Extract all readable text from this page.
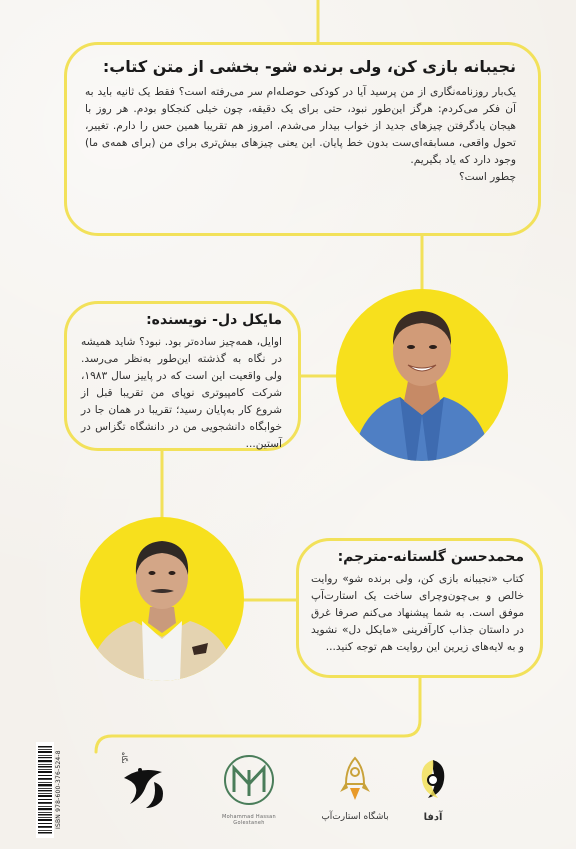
نجیبانه بازی کن، ولی برنده شو- بخشی از متن کتاب:

یک‌بار روزنامه‌نگاری از من پرسید آیا در کودکی حوصله‌ام سر می‌رفته است؟ فقط یک ثانیه باید به آن فکر می‌کردم: هرگز این‌طور نبود، حتی برای یک دقیقه، چون خیلی کنجکاو بودم. هر روز با هیجان یادگرفتن چیزهای جدید از خواب بیدار می‌شدم. امروز هم تقریبا همین حس را دارم. تغییر، تحول واقعی، مسابقه‌ای‌ست بدون خط پایان. این یعنی چیزهای بیش‌تری برای من (برای همه‌ی ما) وجود دارد که یاد بگیریم.
چطور است؟

مایکل دل- نویسنده:

اوایل، همه‌چیز ساده‌تر بود. نبود؟ شاید همیشه در نگاه به گذشته این‌طور به‌نظر می‌رسد. ولی واقعیت این است که در پاییز سال ۱۹۸۳، شرکت کامپیوتری نوپای من تقریبا قبل از شروع کار به‌پایان رسید؛ تقریبا در همان جا در خوابگاه دانشجویی من در دانشگاه تگزاس در آستین...

محمدحسن گلستانه-مترجم:

کتاب «نجیبانه بازی کن، ولی برنده شو» روایت خالص و بی‌چون‌وچرای ساخت یک استارت‌آپ موفق است. به شما پیشنهاد می‌کنم صرفا غرق در داستان جذاب کارآفرینی «مایکل دل» نشوید و به لایه‌های زیرین این روایت هم توجه کنید...

آدفا
باشگاه استارت‌آپ
Mohammad Hassan Golestaneh
نگاه
ISBN 978-600-376-524-8
